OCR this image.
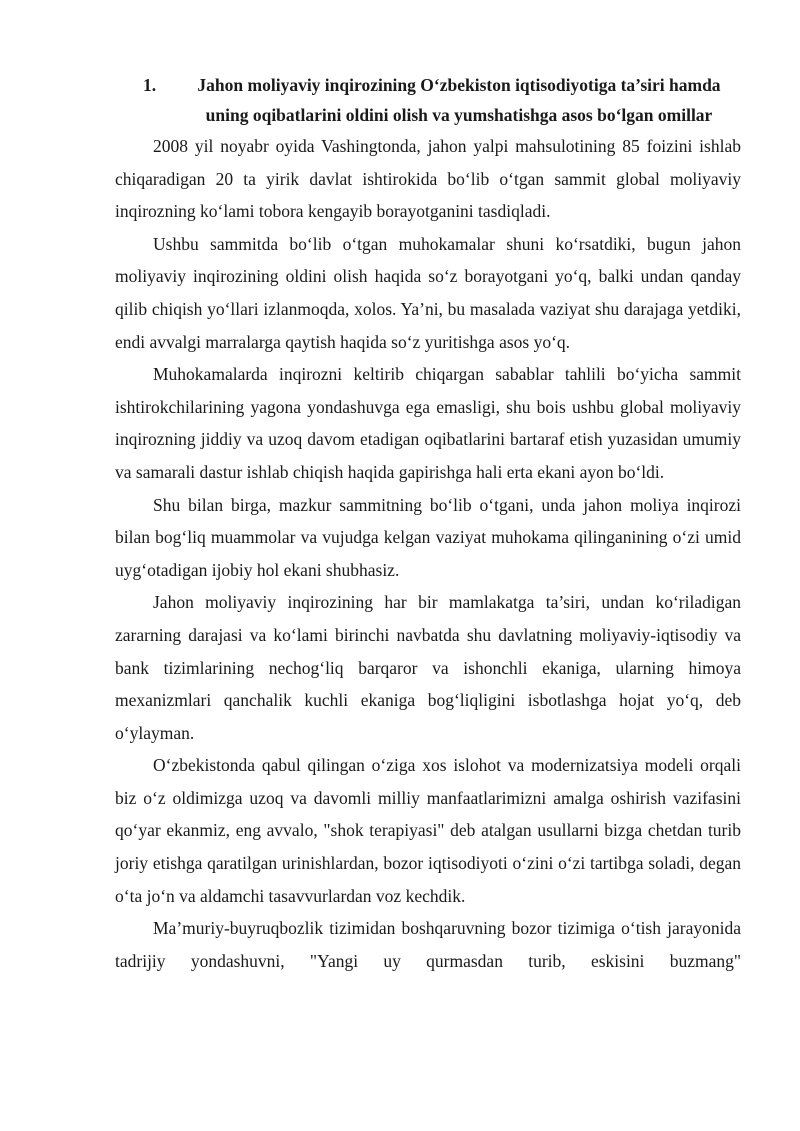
1.	Jahon moliyaviy inqirozining O‘zbekiston iqtisodiyotiga ta’siri hamda uning oqibatlarini oldini olish va yumshatishga asos bo‘lgan omillar

2008 yil noyabr oyida Vashingtonda, jahon yalpi mahsulotining 85 foizini ishlab chiqaradigan 20 ta yirik davlat ishtirokida bo‘lib o‘tgan sammit global moliyaviy inqirozning ko‘lami tobora kengayib borayotganini tasdiqladi.

Ushbu sammitda bo‘lib o‘tgan muhokamalar shuni ko‘rsatdiki, bugun jahon moliyaviy inqirozining oldini olish haqida so‘z borayotgani yo‘q, balki undan qanday qilib chiqish yo‘llari izlanmoqda, xolos. Ya’ni, bu masalada vaziyat shu darajaga yetdiki, endi avvalgi marralarga qaytish haqida so‘z yuritishga asos yo‘q.

Muhokamalarda inqirozni keltirib chiqargan sabablar tahlili bo‘yicha sammit ishtirokchilarining yagona yondashuvga ega emasligi, shu bois ushbu global moliyaviy inqirozning jiddiy va uzoq davom etadigan oqibatlarini bartaraf etish yuzasidan umumiy va samarali dastur ishlab chiqish haqida gapirishga hali erta ekani ayon bo‘ldi.

Shu bilan birga, mazkur sammitning bo‘lib o‘tgani, unda jahon moliya inqirozi bilan bog‘liq muammolar va vujudga kelgan vaziyat muhokama qilinganining o‘zi umid uyg‘otadigan ijobiy hol ekani shubhasiz.

Jahon moliyaviy inqirozining har bir mamlakatga ta’siri, undan ko‘riladigan zararning darajasi va ko‘lami birinchi navbatda shu davlatning moliyaviy-iqtisodiy va bank tizimlarining nechog‘liq barqaror va ishonchli ekaniga, ularning himoya mexanizmlari qanchalik kuchli ekaniga bog‘liqligini isbotlashga hojat yo‘q, deb o‘ylayman.

O‘zbekistonda qabul qilingan o‘ziga xos islohot va modernizatsiya modeli orqali biz o‘z oldimizga uzoq va davomli milliy manfaatlarimizni amalga oshirish vazifasini qo‘yar ekanmiz, eng avvalo, "shok terapiyasi" deb atalgan usullarni bizga chetdan turib joriy etishga qaratilgan urinishlardan, bozor iqtisodiyoti o‘zini o‘zi tartibga soladi, degan o‘ta jo‘n va aldamchi tasavvurlardan voz kechdik.

Ma’muriy-buyruqbozlik tizimidan boshqaruvning bozor tizimiga o‘tish jarayonida tadrijiy yondashuvni, "Yangi uy qurmasdan turib, eskisini buzmang"
